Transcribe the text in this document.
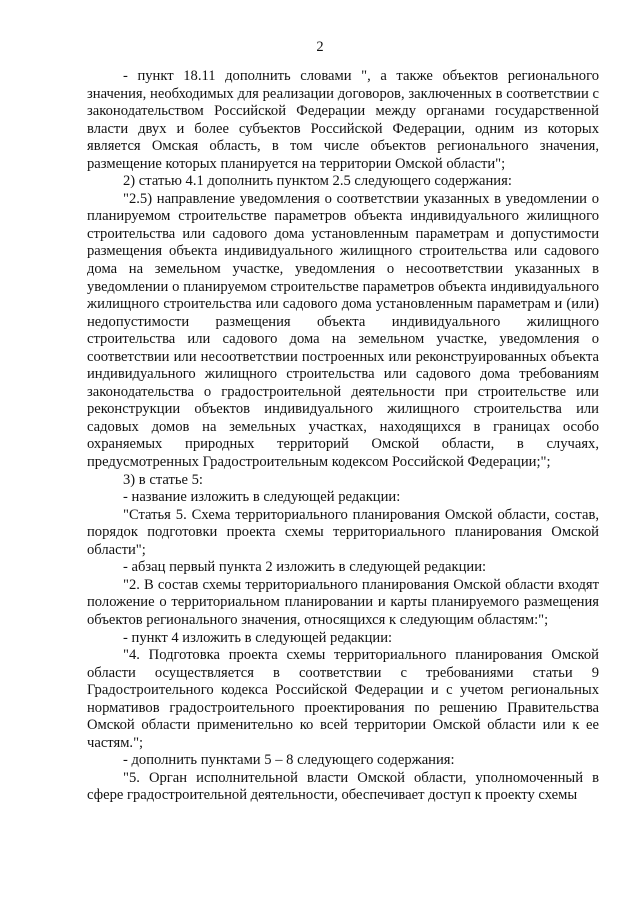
2

- пункт 18.11 дополнить словами ", а также объектов регионального значения, необходимых для реализации договоров, заключенных в соответствии с законодательством Российской Федерации между органами государственной власти двух и более субъектов Российской Федерации, одним из которых является Омская область, в том числе объектов регионального значения, размещение которых планируется на территории Омской области";

2) статью 4.1 дополнить пунктом 2.5 следующего содержания:

"2.5) направление уведомления о соответствии указанных в уведомлении о планируемом строительстве параметров объекта индивидуального жилищного строительства или садового дома установленным параметрам и допустимости размещения объекта индивидуального жилищного строительства или садового дома на земельном участке, уведомления о несоответствии указанных в уведомлении о планируемом строительстве параметров объекта индивидуального жилищного строительства или садового дома установленным параметрам и (или) недопустимости размещения объекта индивидуального жилищного строительства или садового дома на земельном участке, уведомления о соответствии или несоответствии построенных или реконструированных объекта индивидуального жилищного строительства или садового дома требованиям законодательства о градостроительной деятельности при строительстве или реконструкции объектов индивидуального жилищного строительства или садовых домов на земельных участках, находящихся в границах особо охраняемых природных территорий Омской области, в случаях, предусмотренных Градостроительным кодексом Российской Федерации;";

3) в статье 5:

- название изложить в следующей редакции:

"Статья 5. Схема территориального планирования Омской области, состав, порядок подготовки проекта схемы территориального планирования Омской области";

- абзац первый пункта 2 изложить в следующей редакции:

"2. В состав схемы территориального планирования Омской области входят положение о территориальном планировании и карты планируемого размещения объектов регионального значения, относящихся к следующим областям:";

- пункт 4 изложить в следующей редакции:

"4. Подготовка проекта схемы территориального планирования Омской области осуществляется в соответствии с требованиями статьи 9 Градостроительного кодекса Российской Федерации и с учетом региональных нормативов градостроительного проектирования по решению Правительства Омской области применительно ко всей территории Омской области или к ее частям.";

- дополнить пунктами 5 – 8 следующего содержания:

"5. Орган исполнительной власти Омской области, уполномоченный в сфере градостроительной деятельности, обеспечивает доступ к проекту схемы
